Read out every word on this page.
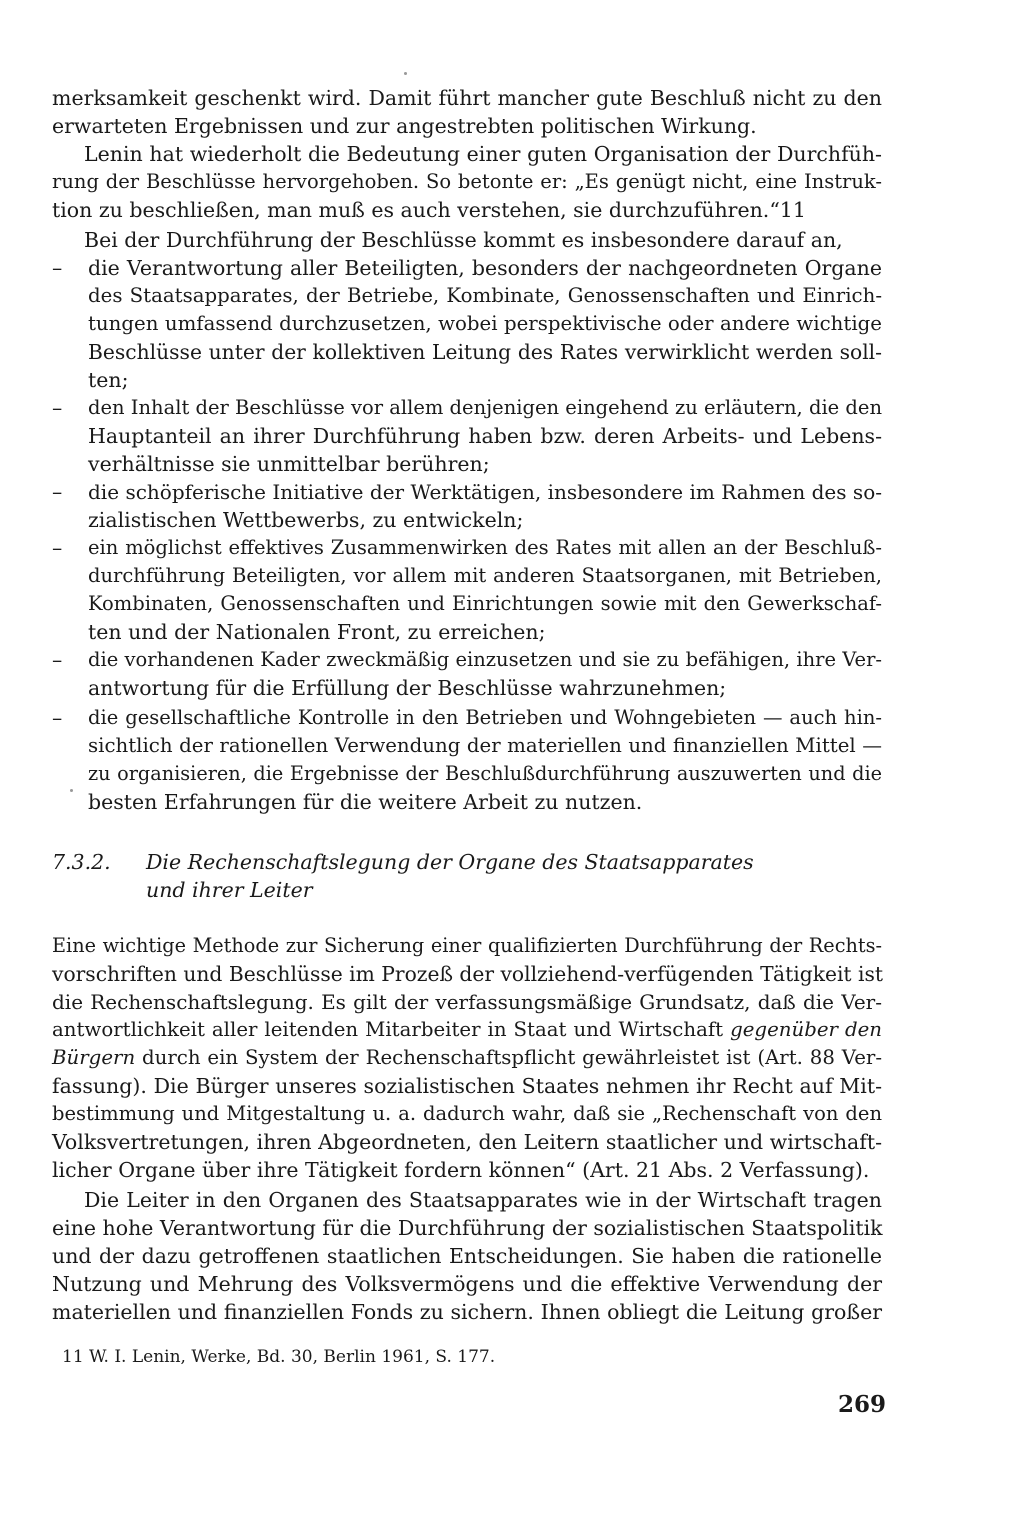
merksamkeit geschenkt wird. Damit führt mancher gute Beschluß nicht zu den
erwarteten Ergebnissen und zur angestrebten politischen Wirkung.
Lenin hat wiederholt die Bedeutung einer guten Organisation der Durchfüh-
rung der Beschlüsse hervorgehoben. So betonte er: „Es genügt nicht, eine Instruk-
tion zu beschließen, man muß es auch verstehen, sie durchzuführen.“11
Bei der Durchführung der Beschlüsse kommt es insbesondere darauf an,
– die Verantwortung aller Beteiligten, besonders der nachgeordneten Organe
des Staatsapparates, der Betriebe, Kombinate, Genossenschaften und Einrich-
tungen umfassend durchzusetzen, wobei perspektivische oder andere wichtige
Beschlüsse unter der kollektiven Leitung des Rates verwirklicht werden soll-
ten;
– den Inhalt der Beschlüsse vor allem denjenigen eingehend zu erläutern, die den
Hauptanteil an ihrer Durchführung haben bzw. deren Arbeits- und Lebens-
verhältnisse sie unmittelbar berühren;
– die schöpferische Initiative der Werktätigen, insbesondere im Rahmen des so-
zialistischen Wettbewerbs, zu entwickeln;
– ein möglichst effektives Zusammenwirken des Rates mit allen an der Beschluß-
durchführung Beteiligten, vor allem mit anderen Staatsorganen, mit Betrieben,
Kombinaten, Genossenschaften und Einrichtungen sowie mit den Gewerkschaf-
ten und der Nationalen Front, zu erreichen;
– die vorhandenen Kader zweckmäßig einzusetzen und sie zu befähigen, ihre Ver-
antwortung für die Erfüllung der Beschlüsse wahrzunehmen;
– die gesellschaftliche Kontrolle in den Betrieben und Wohngebieten — auch hin-
sichtlich der rationellen Verwendung der materiellen und finanziellen Mittel —
zu organisieren, die Ergebnisse der Beschlußdurchführung auszuwerten und die
besten Erfahrungen für die weitere Arbeit zu nutzen.
7.3.2. Die Rechenschaftslegung der Organe des Staatsapparates
und ihrer Leiter
Eine wichtige Methode zur Sicherung einer qualifizierten Durchführung der Rechts-
vorschriften und Beschlüsse im Prozeß der vollziehend-verfügenden Tätigkeit ist
die Rechenschaftslegung. Es gilt der verfassungsmäßige Grundsatz, daß die Ver-
antwortlichkeit aller leitenden Mitarbeiter in Staat und Wirtschaft gegenüber den
Bürgern durch ein System der Rechenschaftspflicht gewährleistet ist (Art. 88 Ver-
fassung). Die Bürger unseres sozialistischen Staates nehmen ihr Recht auf Mit-
bestimmung und Mitgestaltung u. a. dadurch wahr, daß sie „Rechenschaft von den
Volksvertretungen, ihren Abgeordneten, den Leitern staatlicher und wirtschaft-
licher Organe über ihre Tätigkeit fordern können“ (Art. 21 Abs. 2 Verfassung).
Die Leiter in den Organen des Staatsapparates wie in der Wirtschaft tragen
eine hohe Verantwortung für die Durchführung der sozialistischen Staatspolitik
und der dazu getroffenen staatlichen Entscheidungen. Sie haben die rationelle
Nutzung und Mehrung des Volksvermögens und die effektive Verwendung der
materiellen und finanziellen Fonds zu sichern. Ihnen obliegt die Leitung großer
11 W. I. Lenin, Werke, Bd. 30, Berlin 1961, S. 177.
269
